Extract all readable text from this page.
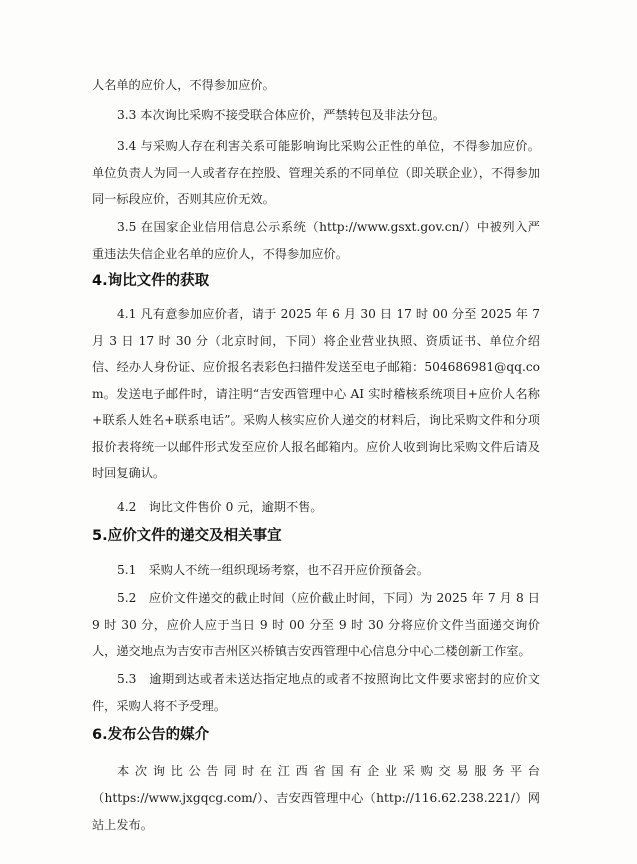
人名单的应价人，不得参加应价。

3.3 本次询比采购不接受联合体应价，严禁转包及非法分包。

3.4 与采购人存在利害关系可能影响询比采购公正性的单位，不得参加应价。单位负责人为同一人或者存在控股、管理关系的不同单位（即关联企业），不得参加同一标段应价，否则其应价无效。

3.5 在国家企业信用信息公示系统（http://www.gsxt.gov.cn/）中被列入严重违法失信企业名单的应价人，不得参加应价。

4.询比文件的获取

4.1 凡有意参加应价者，请于 2025 年 6 月 30 日 17 时 00 分至 2025 年 7 月 3 日 17 时 30 分（北京时间，下同）将企业营业执照、资质证书、单位介绍信、经办人身份证、应价报名表彩色扫描件发送至电子邮箱：504686981@qq.com。发送电子邮件时，请注明“吉安西管理中心 AI 实时稽核系统项目+应价人名称+联系人姓名+联系电话”。采购人核实应价人递交的材料后，询比采购文件和分项报价表将统一以邮件形式发至应价人报名邮箱内。应价人收到询比采购文件后请及时回复确认。

4.2　询比文件售价 0 元，逾期不售。

5.应价文件的递交及相关事宜

5.1　采购人不统一组织现场考察，也不召开应价预备会。

5.2　应价文件递交的截止时间（应价截止时间，下同）为 2025 年 7 月 8 日 9 时 30 分，应价人应于当日 9 时 00 分至 9 时 30 分将应价文件当面递交询价人，递交地点为吉安市吉州区兴桥镇吉安西管理中心信息分中心二楼创新工作室。

5.3　逾期到达或者未送达指定地点的或者不按照询比文件要求密封的应价文件，采购人将不予受理。

6.发布公告的媒介

本次询比公告同时在江西省国有企业采购交易服务平台

（https://www.jxgqcg.com/）、吉安西管理中心（http://116.62.238.221/）网站上发布。
